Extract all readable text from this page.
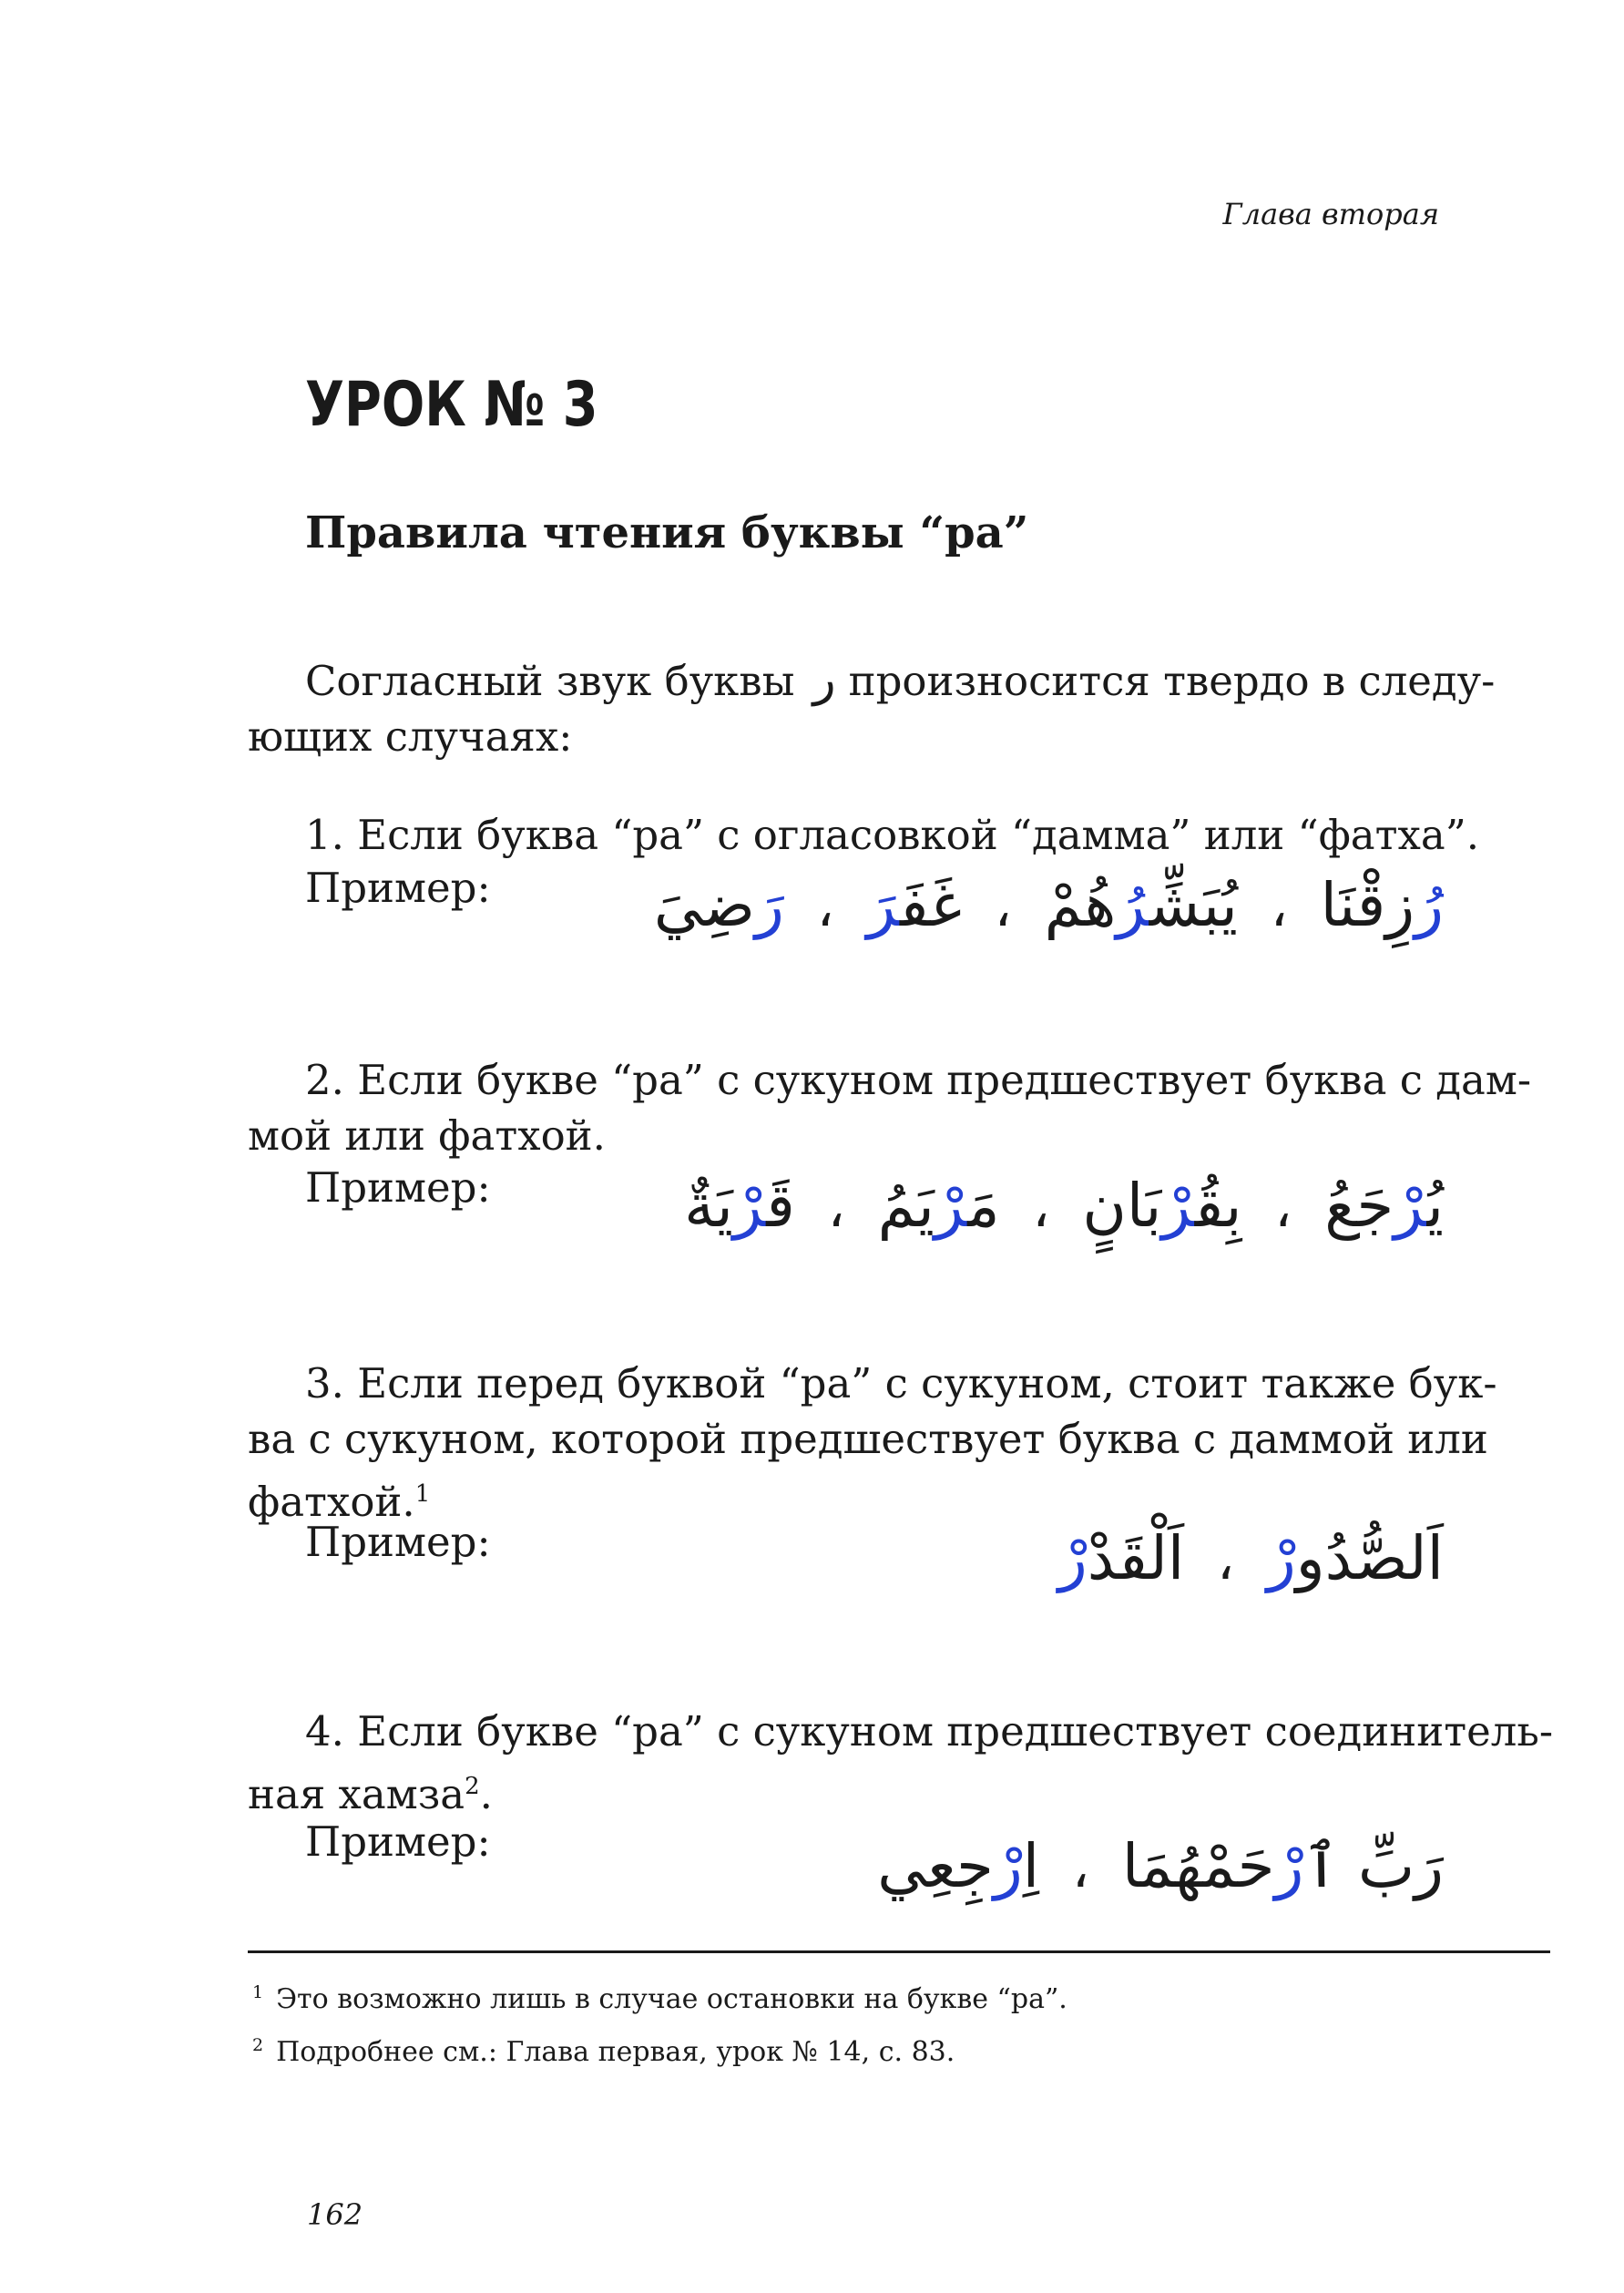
Глава вторая
УРОК № 3
Правила чтения буквы “ра”
Согласный звук буквы ر произносится твердо в следу-
ющих случаях:
1. Если буква “ра” с огласовкой “дамма” или “фатха”.
Пример:	رُزِقْنَا
،
يُبَشِّرُهُمْ
،
غَفَرَ
،
رَضِيَ
2. Если букве “ра” с сукуном предшествует буква с дам-
мой или фатхой.
Пример:	يُرْجَعُ
،
بِقُرْبَانٍ
،
مَرْيَمُ
،
قَرْيَةٌ
3. Если перед буквой “ра” с сукуном, стоит также бук-
ва с сукуном, которой предшествует буква с даммой или
фатхой.$^1$
Пример:	اَلصُّدُورْ
،
اَلْقَدْرْ
4. Если букве “ра” с сукуном предшествует соединитель-
ная хамза$^2$.
Пример:	رَبِّ ٱرْحَمْهُمَا
،
اِرْجِعِي
$^1$ Это возможно лишь в случае остановки на букве “ра”.
$^2$ Подробнее см.: Глава первая, урок № 14, с. 83.
162
